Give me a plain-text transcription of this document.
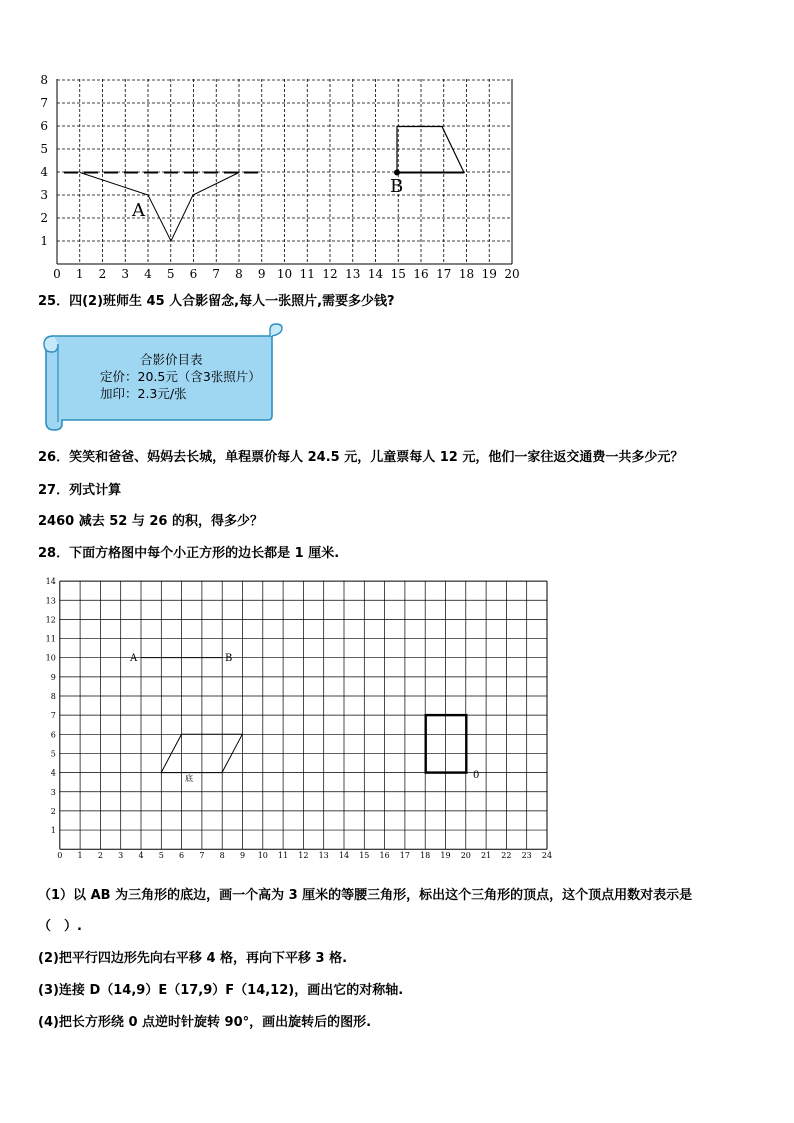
0 1 2 3 4 5 6 7 8 9 10 11 12 13 14 15 16 17 18 19 20
1
2
3
4
5
6
7
8
A
B
25．四(2)班师生 45 人合影留念,每人一张照片,需要多少钱?
合影价目表
定价：20.5元（含3张照片）
加印：2.3元/张
26．笑笑和爸爸、妈妈去长城，单程票价每人 24.5 元，儿童票每人 12 元，他们一家往返交通费一共多少元？
27．列式计算
2460 减去 52 与 26 的积，得多少？
28．下面方格图中每个小正方形的边长都是 1 厘米.
0 1 2 3 4 5 6 7 8 9 10 11 12 13 14 15 16 17 18 19 20 21 22 23 24
1
2
3
4
5
6
7
8
9
10
11
12
13
14
A	B
底	0
（1）以 AB 为三角形的底边，画一个高为 3 厘米的等腰三角形，标出这个三角形的顶点，这个顶点用数对表示是
（　）.
(2)把平行四边形先向右平移 4 格，再向下平移 3 格.
(3)连接 D（14,9）E（17,9）F（14,12)，画出它的对称轴.
(4)把长方形绕 0 点逆时针旋转 90°，画出旋转后的图形.
